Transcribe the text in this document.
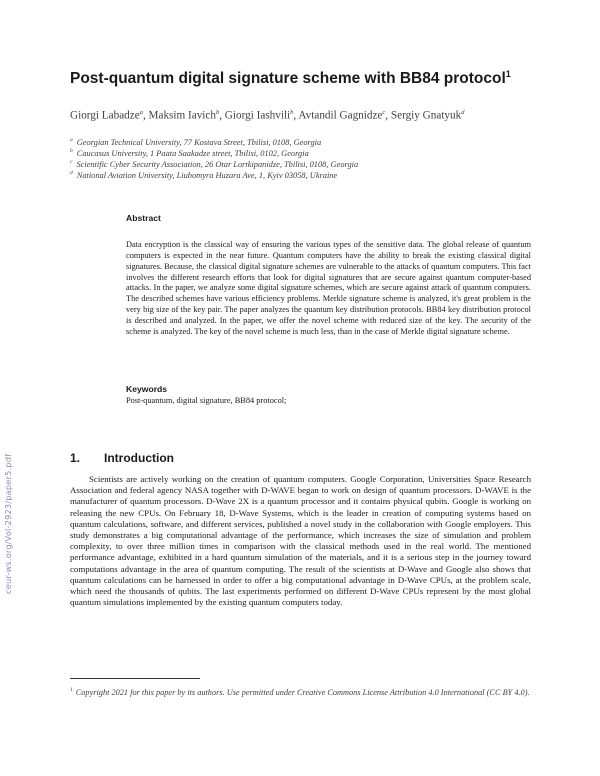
ceur-ws.org/Vol-2923/paper5.pdf
Post-quantum digital signature scheme with BB84 protocol$^1$
Giorgi Labadze$^a$, Maksim Iavich$^b$, Giorgi Iashvili$^b$, Avtandil Gagnidze$^c$, Sergiy Gnatyuk$^d$
$^a$ Georgian Technical University, 77 Kostava Street, Tbilisi, 0108, Georgia
$^b$ Caucasus University, 1 Paata Saakadze street, Tbilisi, 0102, Georgia
$^c$ Scientific Cyber Security Association, 26 Otar Lortkipanidze, Tbilisi, 0108, Georgia
$^d$ National Aviation University, Liubomyra Huzara Ave, 1, Kyiv 03058, Ukraine
Abstract
Data encryption is the classical way of ensuring the various types of the sensitive data. The global release of quantum computers is expected in the near future. Quantum computers have the ability to break the existing classical digital signatures. Because, the classical digital signature schemes are vulnerable to the attacks of quantum computers. This fact involves the different research efforts that look for digital signatures that are secure against quantum computer-based attacks. In the paper, we analyze some digital signature schemes, which are secure against attack of quantum computers. The described schemes have various efficiency problems. Merkle signature scheme is analyzed, it's great problem is the very big size of the key pair. The paper analyzes the quantum key distribution protocols. BB84 key distribution protocol is described and analyzed. In the paper, we offer the novel scheme with reduced size of the key. The security of the scheme is analyzed. The key of the novel scheme is much less, than in the case of Merkle digital signature scheme.
Keywords
Post-quantum, digital signature, BB84 protocol;
1. Introduction
Scientists are actively working on the creation of quantum computers. Google Corporation, Universities Space Research Association and federal agency NASA together with D-WAVE began to work on design of quantum processors. D-WAVE is the manufacturer of quantum processors. D-Wave 2X is a quantum processor and it contains physical qubits. Google is working on releasing the new CPUs. On February 18, D-Wave Systems, which is the leader in creation of computing systems based on quantum calculations, software, and different services, published a novel study in the collaboration with Google employers. This study demonstrates a big computational advantage of the performance, which increases the size of simulation and problem complexity, to over three million times in comparison with the classical methods used in the real world. The mentioned performance advantage, exhibited in a hard quantum simulation of the materials, and it is a serious step in the journey toward computations advantage in the area of quantum computing. The result of the scientists at D-Wave and Google also shows that quantum calculations can be harnessed in order to offer a big computational advantage in D-Wave CPUs, at the problem scale, which need the thousands of qubits. The last experiments performed on different D-Wave CPUs represent by the most global quantum simulations implemented by the existing quantum computers today.
$^1$ Copyright 2021 for this paper by its authors. Use permitted under Creative Commons License Attribution 4.0 International (CC BY 4.0).
